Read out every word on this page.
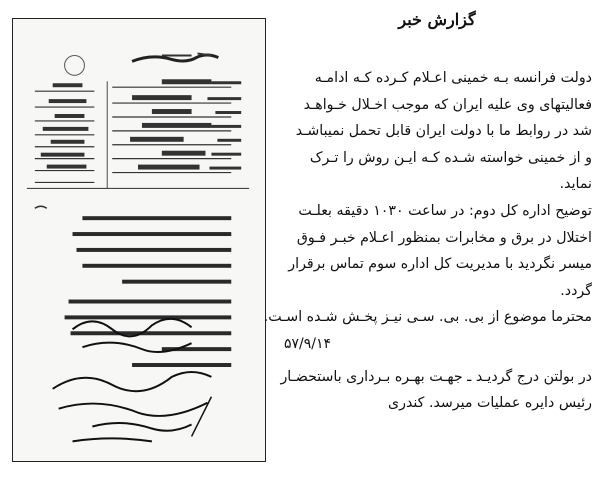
گزارش خبر
دولت فرانسه بـه خمینی اعـلام کـرده کـه ادامـه
فعالیتهای وی علیه ایران که موجب اخـلال خـواهـد
شد در روابط ما با دولت ایران قابل تحمل نمیباشـد
و از خمینی خواسته شـده کـه ایـن روش را تـرک
نماید.
توضیح اداره کل دوم: در ساعت ۱۰۳۰ دقیقه بعلـت
اختلال در برق و مخابرات بمنظور اعـلام خبـر فـوق
میسر نگردید با مدیریت کل اداره سوم تماس برقرار
گردد.
محترما موضوع از بی. بی. سـی نیـز پخـش شـده اسـت.
۵۷/۹/۱۴
در بولتن درج گردیـد ـ جهـت بهـره بـرداری باستحضـار
رئیس دایره عملیات میرسد. کندری
